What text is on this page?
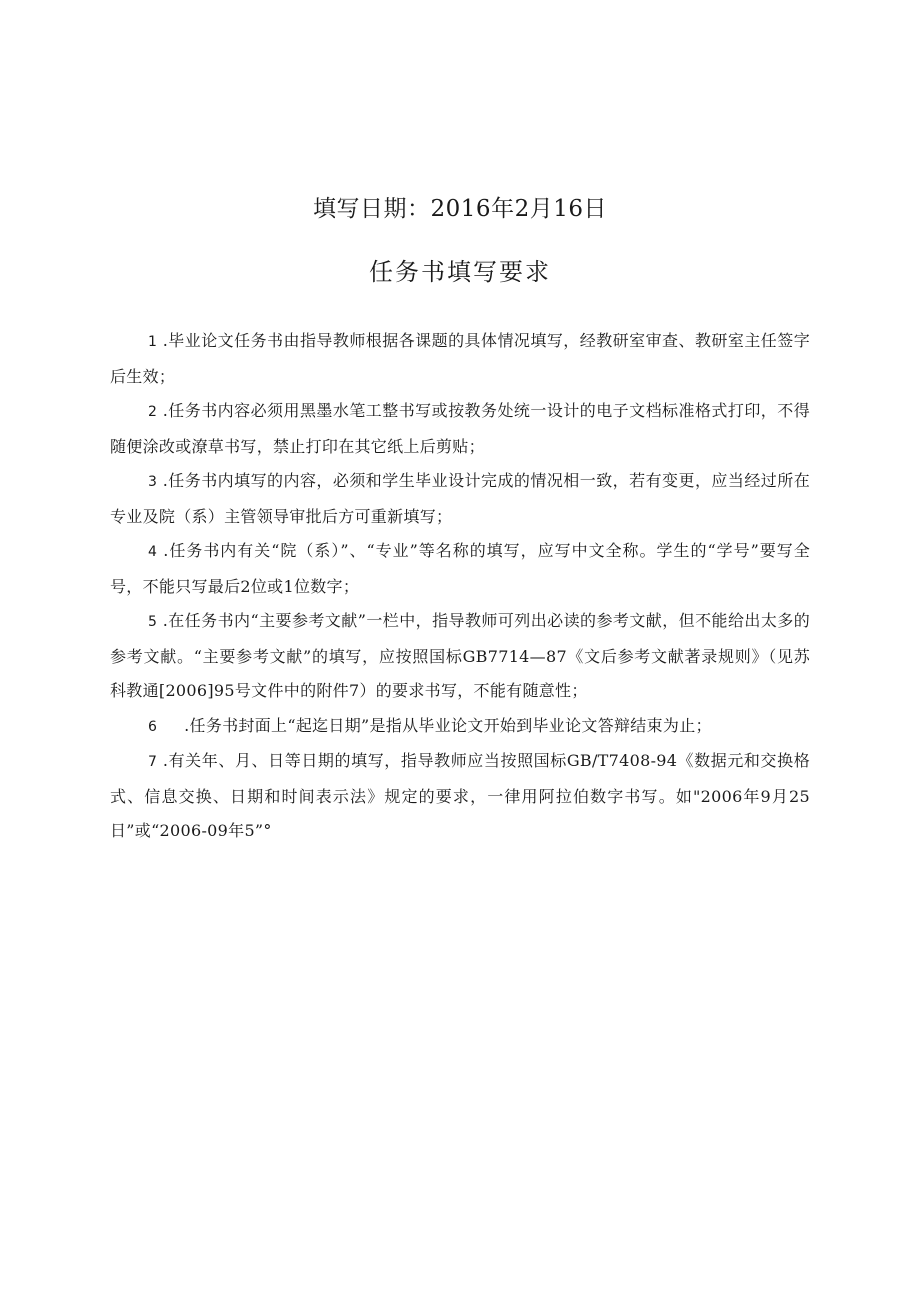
填写日期：2016年2月16日
任务书填写要求

1 .毕业论文任务书由指导教师根据各课题的具体情况填写，经教研室审查、教研室主任签字后生效；

2 .任务书内容必须用黑墨水笔工整书写或按教务处统一设计的电子文档标准格式打印，不得随便涂改或潦草书写，禁止打印在其它纸上后剪贴；

3 .任务书内填写的内容，必须和学生毕业设计完成的情况相一致，若有变更，应当经过所在专业及院（系）主管领导审批后方可重新填写；

4 .任务书内有关“院（系）”、“专业”等名称的填写，应写中文全称。学生的“学号”要写全号，不能只写最后2位或1位数字；

5 .在任务书内“主要参考文献”一栏中，指导教师可列出必读的参考文献，但不能给出太多的参考文献。“主要参考文献”的填写，应按照国标GB7714—87《文后参考文献著录规则》（见苏科教通[2006]95号文件中的附件7）的要求书写，不能有随意性；

6     .任务书封面上“起迄日期”是指从毕业论文开始到毕业论文答辩结束为止；

7 .有关年、月、日等日期的填写，指导教师应当按照国标GB/T7408-94《数据元和交换格式、信息交换、日期和时间表示法》规定的要求，一律用阿拉伯数字书写。如"2006年9月25日”或“2006-09年5”°
